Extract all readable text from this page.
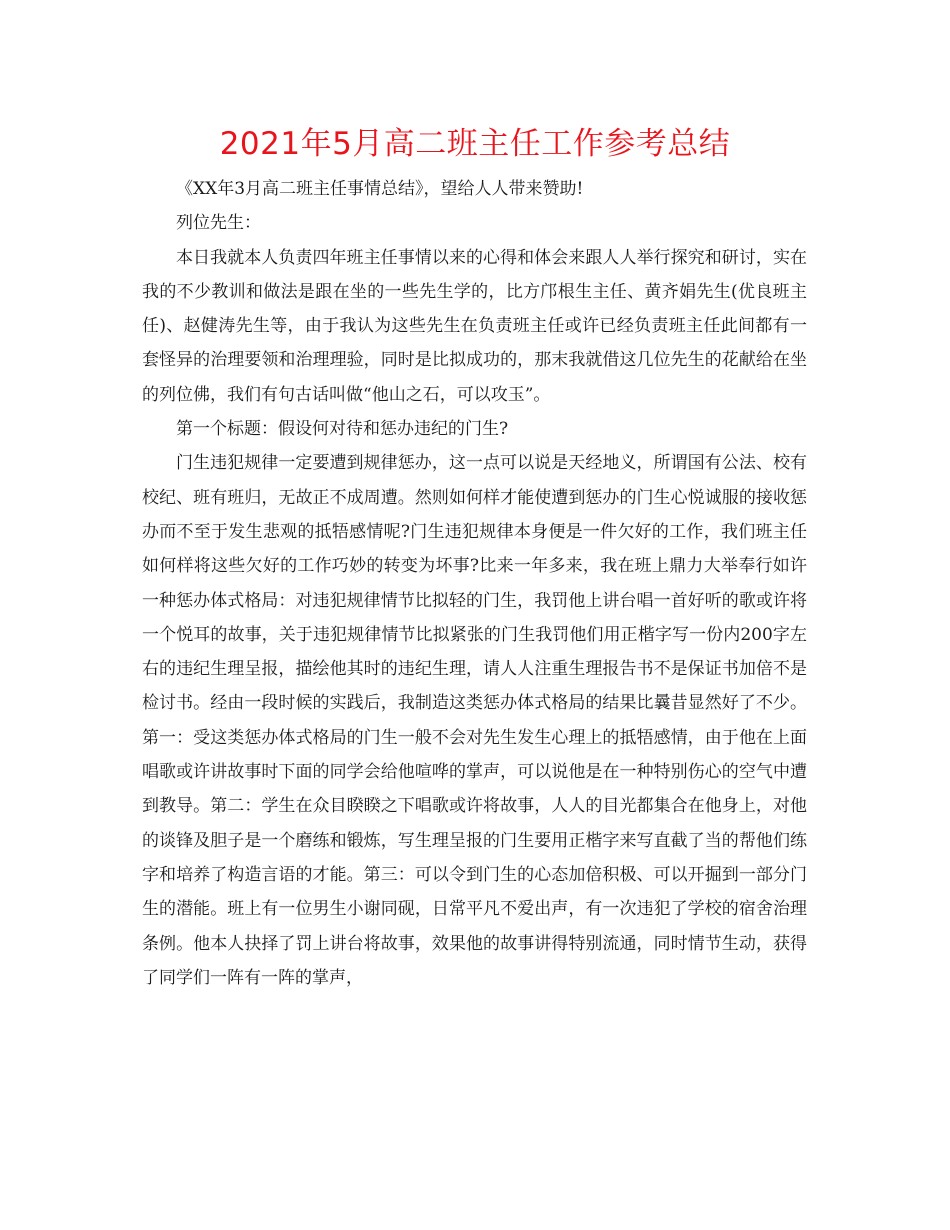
2021年5月高二班主任工作参考总结

《XX年3月高二班主任事情总结》，望给人人带来赞助!

列位先生：

本日我就本人负责四年班主任事情以来的心得和体会来跟人人举行探究和研讨，实在我的不少教训和做法是跟在坐的一些先生学的，比方邝根生主任、黄齐娟先生(优良班主任)、赵健涛先生等，由于我认为这些先生在负责班主任或许已经负责班主任此间都有一套怪异的治理要领和治理理验，同时是比拟成功的，那末我就借这几位先生的花献给在坐的列位佛，我们有句古话叫做“他山之石，可以攻玉”。

第一个标题：假设何对待和惩办违纪的门生?

门生违犯规律一定要遭到规律惩办，这一点可以说是天经地义，所谓国有公法、校有校纪、班有班归，无故正不成周遭。然则如何样才能使遭到惩办的门生心悦诚服的接收惩办而不至于发生悲观的抵牾感情呢?门生违犯规律本身便是一件欠好的工作，我们班主任如何样将这些欠好的工作巧妙的转变为坏事?比来一年多来，我在班上鼎力大举奉行如许一种惩办体式格局：对违犯规律情节比拟轻的门生，我罚他上讲台唱一首好听的歌或许将一个悦耳的故事，关于违犯规律情节比拟紧张的门生我罚他们用正楷字写一份内200字左右的违纪生理呈报，描绘他其时的违纪生理，请人人注重生理报告书不是保证书加倍不是检讨书。经由一段时候的实践后，我制造这类惩办体式格局的结果比曩昔显然好了不少。第一：受这类惩办体式格局的门生一般不会对先生发生心理上的抵牾感情，由于他在上面唱歌或许讲故事时下面的同学会给他喧哗的掌声，可以说他是在一种特别伤心的空气中遭到教导。第二：学生在众目睽睽之下唱歌或许将故事，人人的目光都集合在他身上，对他的谈锋及胆子是一个磨练和锻炼，写生理呈报的门生要用正楷字来写直截了当的帮他们练字和培养了构造言语的才能。第三：可以令到门生的心态加倍积极、可以开掘到一部分门生的潜能。班上有一位男生小谢同砚，日常平凡不爱出声，有一次违犯了学校的宿舍治理条例。他本人抉择了罚上讲台将故事，效果他的故事讲得特别流通，同时情节生动，获得了同学们一阵有一阵的掌声，
